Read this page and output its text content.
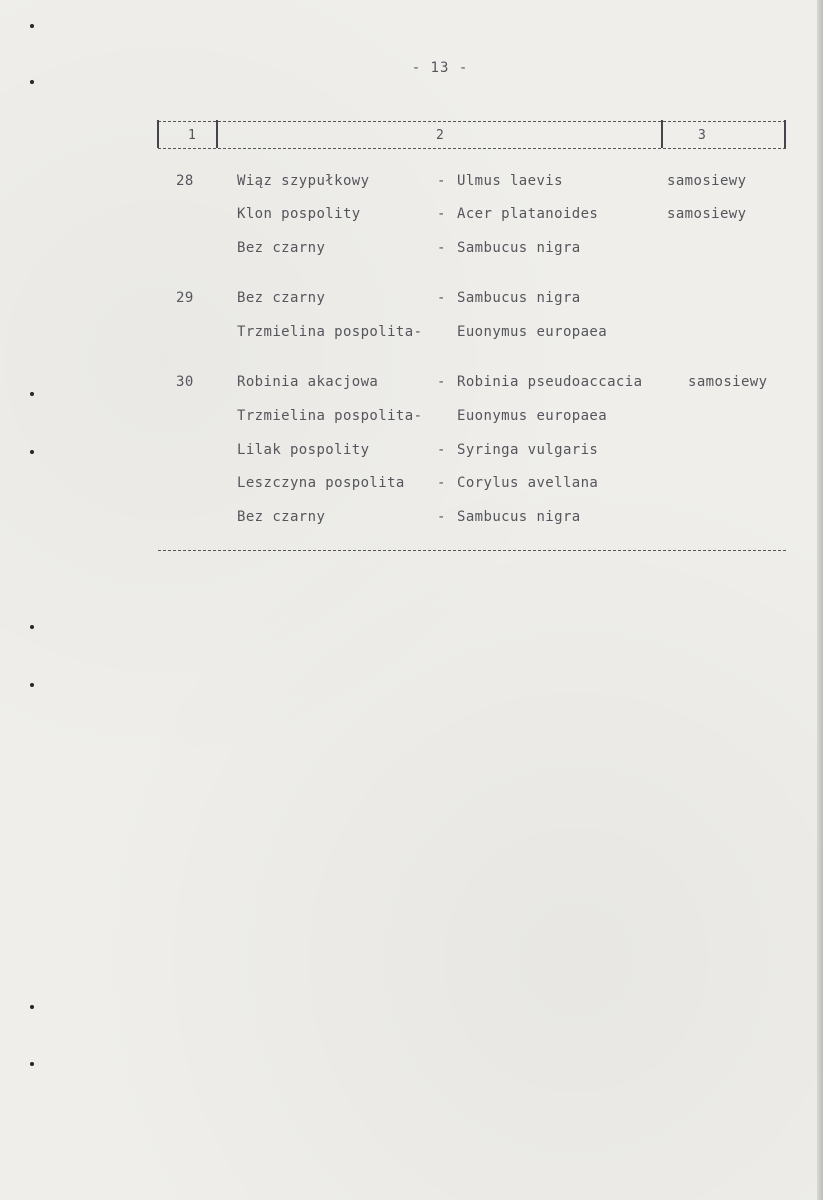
- 13 -
1	2	3
28	Wiąz szypułkowy	- Ulmus laevis	samosiewy
Klon pospolity	- Acer platanoides	samosiewy
Bez czarny	- Sambucus nigra
29	Bez czarny	- Sambucus nigra
Trzmielina pospolita- Euonymus europaea
30	Robinia akacjowa	- Robinia pseudoaccacia	samosiewy
Trzmielina pospolita- Euonymus europaea
Lilak pospolity	- Syringa vulgaris
Leszczyna pospolita - Corylus avellana
Bez czarny	- Sambucus nigra
